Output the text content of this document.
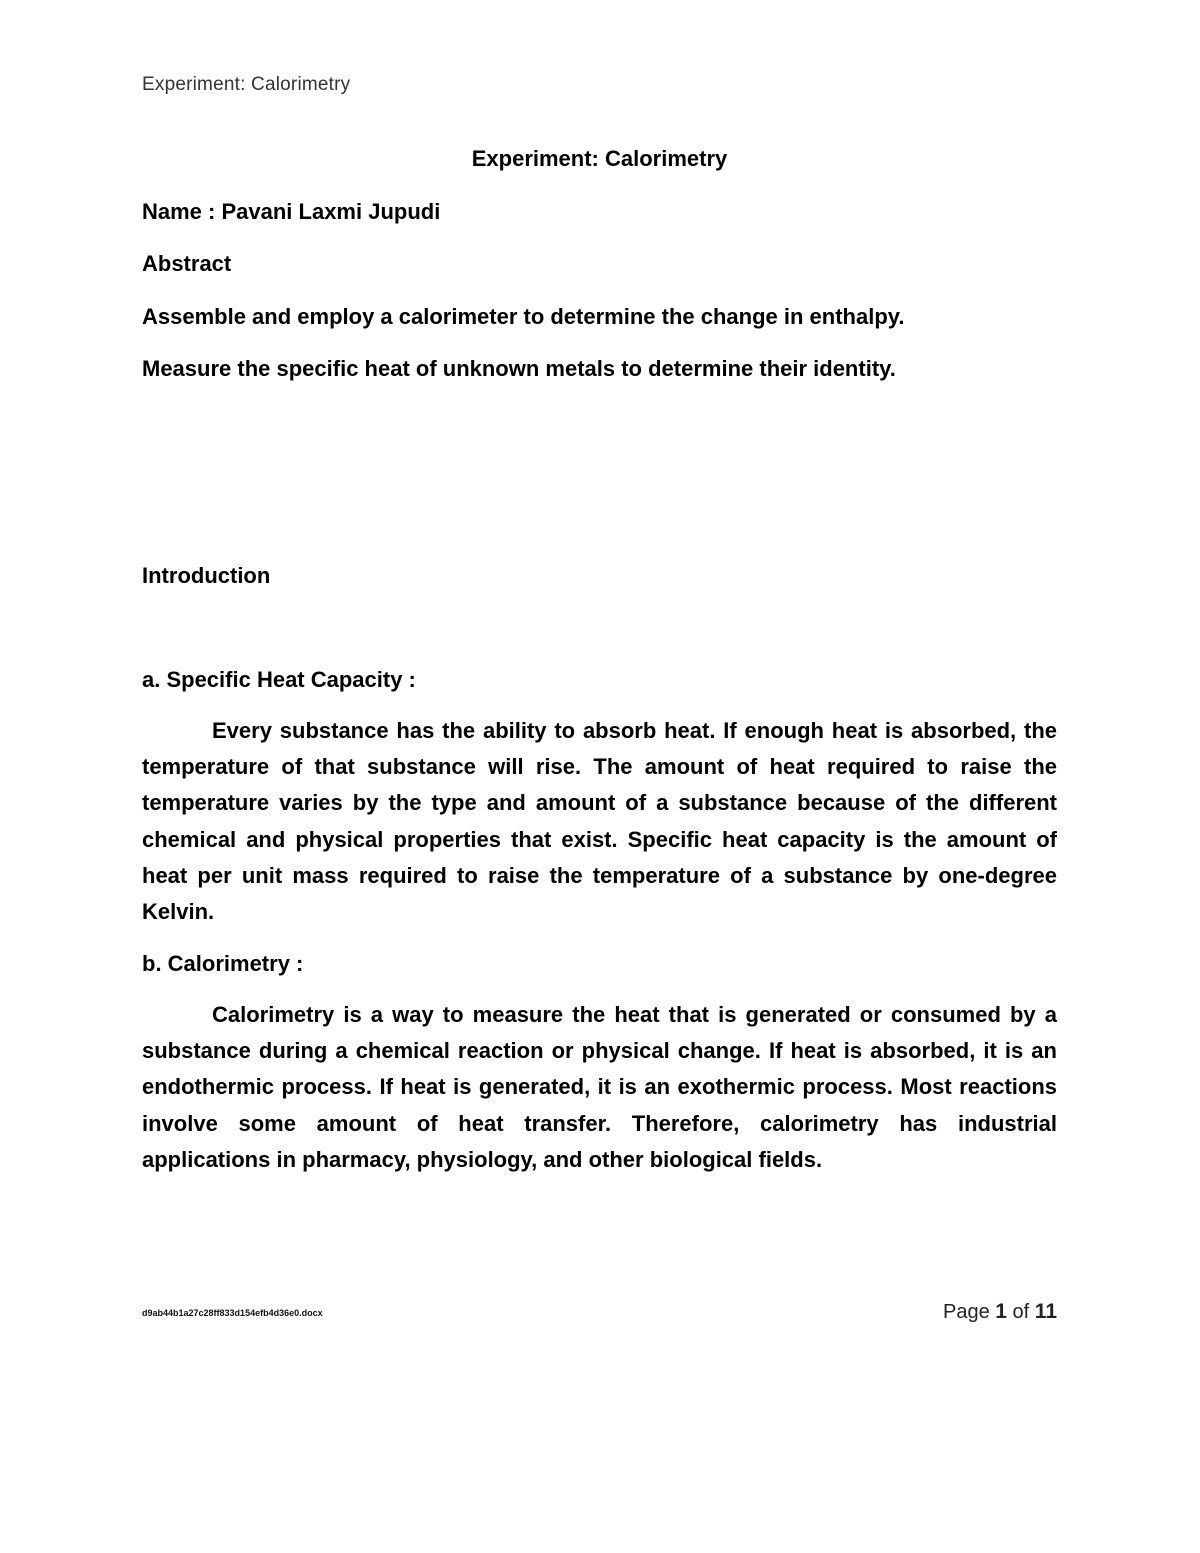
Experiment: Calorimetry
Experiment: Calorimetry

Name : Pavani Laxmi Jupudi

Abstract

Assemble and employ a calorimeter to determine the change in enthalpy.

Measure the specific heat of unknown metals to determine their identity.

Introduction

a. Specific Heat Capacity :

Every substance has the ability to absorb heat. If enough heat is absorbed, the temperature of that substance will rise. The amount of heat required to raise the temperature varies by the type and amount of a substance because of the different chemical and physical properties that exist. Specific heat capacity is the amount of heat per unit mass required to raise the temperature of a substance by one-degree Kelvin.

b. Calorimetry :

Calorimetry is a way to measure the heat that is generated or consumed by a substance during a chemical reaction or physical change. If heat is absorbed, it is an endothermic process. If heat is generated, it is an exothermic process. Most reactions involve some amount of heat transfer. Therefore, calorimetry has industrial applications in pharmacy, physiology, and other biological fields.

d9ab44b1a27c28ff833d154efb4d36e0.docx	Page 1 of 11
